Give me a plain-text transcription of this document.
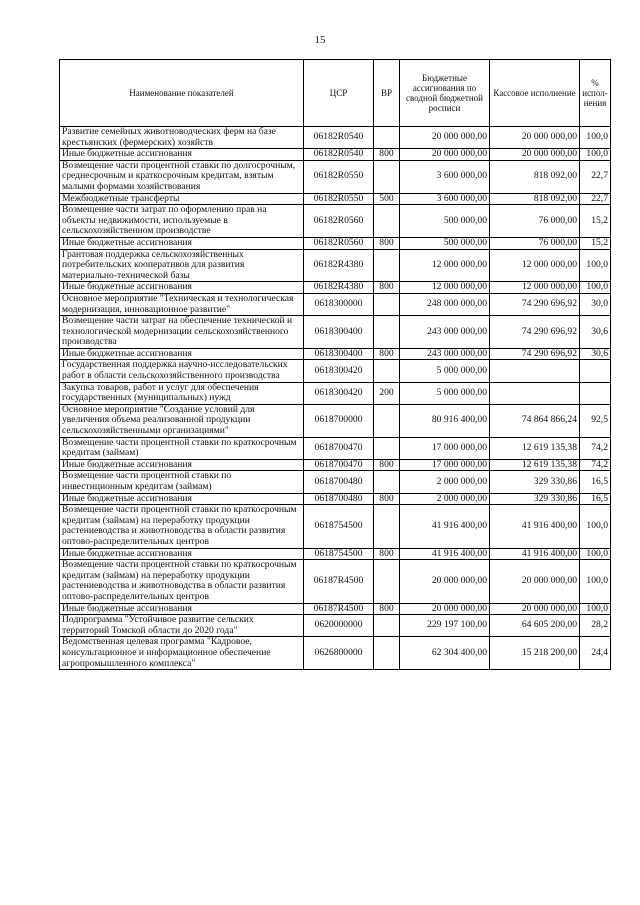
15
Наименование показателей	ЦСР	ВР	Бюджетные ассигнования по сводной бюджетной росписи	Кассовое исполнение	% испол-нения
Развитие семейных животноводческих ферм на базе крестьянских (фермерских) хозяйств	06182R0540		20 000 000,00	20 000 000,00	100,0
Иные бюджетные ассигнования	06182R0540	800	20 000 000,00	20 000 000,00	100,0
Возмещение части процентной ставки по долгосрочным, среднесрочным и краткосрочным кредитам, взятым малыми формами хозяйствования	06182R0550		3 600 000,00	818 092,00	22,7
Межбюджетные трансферты	06182R0550	500	3 600 000,00	818 092,00	22,7
Возмещение части затрат по оформлению прав на объекты недвижимости, используемые в сельскохозяйственном производстве	06182R0560		500 000,00	76 000,00	15,2
Иные бюджетные ассигнования	06182R0560	800	500 000,00	76 000,00	15,2
Грантовая поддержка сельскохозяйственных потребительских кооперативов для развития материально-технической базы	06182R4380		12 000 000,00	12 000 000,00	100,0
Иные бюджетные ассигнования	06182R4380	800	12 000 000,00	12 000 000,00	100,0
Основное мероприятие "Техническая и технологическая модернизация, инновационное развитие"	0618300000		248 000 000,00	74 290 696,92	30,0
Возмещение части затрат на обеспечение технической и технологической модернизации сельскохозяйственного производства	0618300400		243 000 000,00	74 290 696,92	30,6
Иные бюджетные ассигнования	0618300400	800	243 000 000,00	74 290 696,92	30,6
Государственная поддержка научно-исследовательских работ в области сельскохозяйственного производства	0618300420		5 000 000,00		
Закупка товаров, работ и услуг для обеспечения государственных (муниципальных) нужд	0618300420	200	5 000 000,00		
Основное мероприятие "Создание условий для увеличения объема реализованной продукции сельскохозяйственными организациями"	0618700000		80 916 400,00	74 864 866,24	92,5
Возмещение части процентной ставки по краткосрочным кредитам (займам)	0618700470		17 000 000,00	12 619 135,38	74,2
Иные бюджетные ассигнования	0618700470	800	17 000 000,00	12 619 135,38	74,2
Возмещение части процентной ставки по инвестиционным кредитам (займам)	0618700480		2 000 000,00	329 330,86	16,5
Иные бюджетные ассигнования	0618700480	800	2 000 000,00	329 330,86	16,5
Возмещение части процентной ставки по краткосрочным кредитам (займам) на переработку продукции растениеводства и животноводства в области развития оптово-распределительных центров	0618754500		41 916 400,00	41 916 400,00	100,0
Иные бюджетные ассигнования	0618754500	800	41 916 400,00	41 916 400,00	100,0
Возмещение части процентной ставки по краткосрочным кредитам (займам) на переработку продукции растениеводства и животноводства в области развития оптово-распределительных центров	06187R4500		20 000 000,00	20 000 000,00	100,0
Иные бюджетные ассигнования	06187R4500	800	20 000 000,00	20 000 000,00	100,0
Подпрограмма "Устойчивое развитие сельских территорий Томской области до 2020 года"	0620000000		229 197 100,00	64 605 200,00	28,2
Ведомственная целевая программа "Кадровое, консультационное и информационное обеспечение агропромышленного комплекса"	0626800000		62 304 400,00	15 218 200,00	24,4
